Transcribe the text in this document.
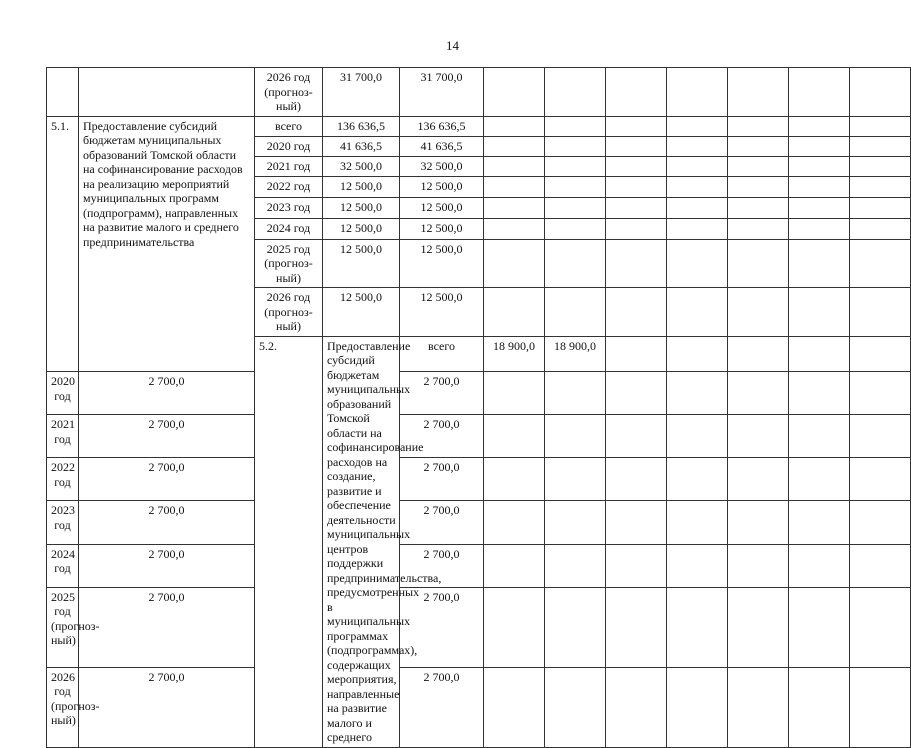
14
		2026 год
(прогноз-
ный)	31 700,0	31 700,0								
5.1.	Предоставление субсидий бюджетам муниципальных образований Томской области на софинансирование расходов на реализацию мероприятий муниципальных программ (подпрограмм), направленных на развитие малого и среднего предпринимательства	всего	136 636,5	136 636,5								
		2020 год	41 636,5	41 636,5								
		2021 год	32 500,0	32 500,0								
		2022 год	12 500,0	12 500,0								
		2023 год	12 500,0	12 500,0								
		2024 год	12 500,0	12 500,0								
		2025 год
(прогноз-
ный)	12 500,0	12 500,0								
		2026 год
(прогноз-
ный)	12 500,0	12 500,0								
		5.2.	Предоставление субсидий бюджетам муниципальных образований Томской области на софинансирование расходов на создание, развитие и обеспечение деятельности муниципальных центров поддержки предпринимательства, предусмотренных в муниципальных программах (подпрограммах), содержащих мероприятия, направленные на развитие малого и среднего	всего	18 900,0	18 900,0							
2020 год	2 700,0			2 700,0								
2021 год	2 700,0			2 700,0								
2022 год	2 700,0			2 700,0								
2023 год	2 700,0			2 700,0								
2024 год	2 700,0			2 700,0								
2025 год
(прогноз-
ный)	2 700,0			2 700,0								
2026 год
(прогноз-
ный)	2 700,0			2 700,0								
